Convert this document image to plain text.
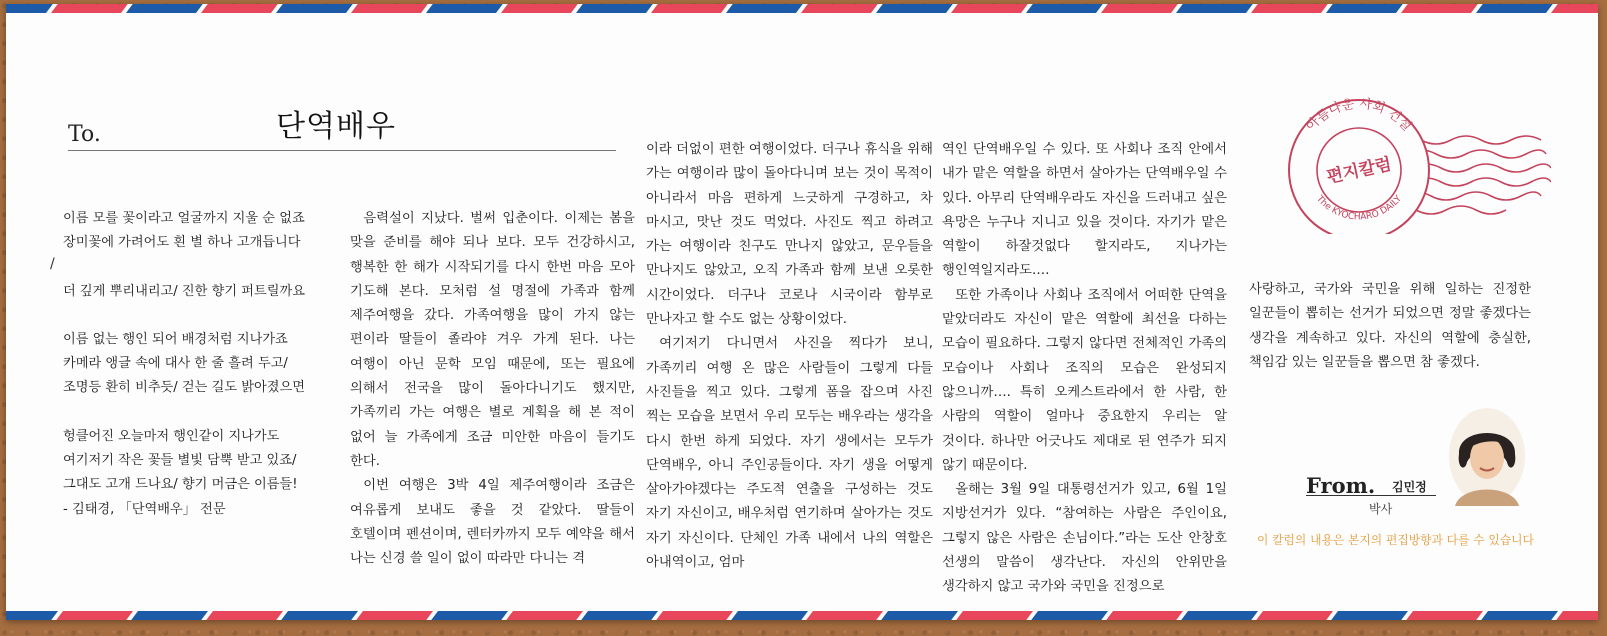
To.	단역배우

이름 모를 꽃이라고 얼굴까지 지울 순 없죠
장미꽃에 가려어도 흰 별 하나 고개듭니다

더 깊게 뿌리내리고/ 진한 향기 퍼트릴까요

이름 없는 행인 되어 배경처럼 지나가죠
카메라 앵글 속에 대사 한 줄 흘려 두고/
조명등 환히 비추듯/ 걷는 길도 밝아졌으면

헝클어진 오늘마저 행인같이 지나가도
여기저기 작은 꽃들 별빛 담뿍 받고 있죠/
그대도 고개 드나요/ 향기 머금은 이름들!
- 김태경, 「단역배우」 전문

/

음력설이 지났다. 벌써 입춘이다. 이제는 봄을 맞을 준비를 해야 되나 보다. 모두 건강하시고, 행복한 한 해가 시작되기를 다시 한번 마음 모아 기도해 본다. 모처럼 설 명절에 가족과 함께 제주여행을 갔다. 가족여행을 많이 가지 않는 편이라 딸들이 졸라야 겨우 가게 된다. 나는 여행이 아닌 문학 모임 때문에, 또는 필요에 의해서 전국을 많이 돌아다니기도 했지만, 가족끼리 가는 여행은 별로 계획을 해 본 적이 없어 늘 가족에게 조금 미안한 마음이 들기도 한다.

이번 여행은 3박 4일 제주여행이라 조금은 여유롭게 보내도 좋을 것 같았다. 딸들이 호텔이며 펜션이며, 렌터카까지 모두 예약을 해서 나는 신경 쓸 일이 없이 따라만 다니는 격

이라 더없이 편한 여행이었다. 더구나 휴식을 위해 가는 여행이라 많이 돌아다니며 보는 것이 목적이 아니라서 마음 편하게 느긋하게 구경하고, 차 마시고, 맛난 것도 먹었다. 사진도 찍고 하려고 가는 여행이라 친구도 만나지 않았고, 문우들을 만나지도 않았고, 오직 가족과 함께 보낸 오롯한 시간이었다. 더구나 코로나 시국이라 함부로 만나자고 할 수도 없는 상황이었다.

여기저기 다니면서 사진을 찍다가 보니, 가족끼리 여행 온 많은 사람들이 그렇게 다들 사진들을 찍고 있다. 그렇게 폼을 잡으며 사진 찍는 모습을 보면서 우리 모두는 배우라는 생각을 다시 한번 하게 되었다. 자기 생에서는 모두가 단역배우, 아니 주인공들이다. 자기 생을 어떻게 살아가야겠다는 주도적 연출을 구성하는 것도 자기 자신이고, 배우처럼 연기하며 살아가는 것도 자기 자신이다. 단체인 가족 내에서 나의 역할은 아내역이고, 엄마

역인 단역배우일 수 있다. 또 사회나 조직 안에서 내가 맡은 역할을 하면서 살아가는 단역배우일 수 있다. 아무리 단역배우라도 자신을 드러내고 싶은 욕망은 누구나 지니고 있을 것이다. 자기가 맡은 역할이 하잘것없다 할지라도, 지나가는 행인역일지라도….

또한 가족이나 사회나 조직에서 어떠한 단역을 맡았더라도 자신이 맡은 역할에 최선을 다하는 모습이 필요하다. 그렇지 않다면 전체적인 가족의 모습이나 사회나 조직의 모습은 완성되지 않으니까…. 특히 오케스트라에서 한 사람, 한 사람의 역할이 얼마나 중요한지 우리는 알 것이다. 하나만 어긋나도 제대로 된 연주가 되지 않기 때문이다.

올해는 3월 9일 대통령선거가 있고, 6월 1일 지방선거가 있다. “참여하는 사람은 주인이요, 그렇지 않은 사람은 손님이다.”라는 도산 안창호 선생의 말씀이 생각난다. 자신의 안위만을 생각하지 않고 국가와 국민을 진정으로

사랑하고, 국가와 국민을 위해 일하는 진정한 일꾼들이 뽑히는 선거가 되었으면 정말 좋겠다는 생각을 계속하고 있다. 자신의 역할에 충실한, 책임감 있는 일꾼들을 뽑으면 참 좋겠다.

아름다운 사회 건설
The KYOCHARO DAILY
편지칼럼
From. 김민정
박사
이 칼럼의 내용은 본지의 편집방향과 다를 수 있습니다
